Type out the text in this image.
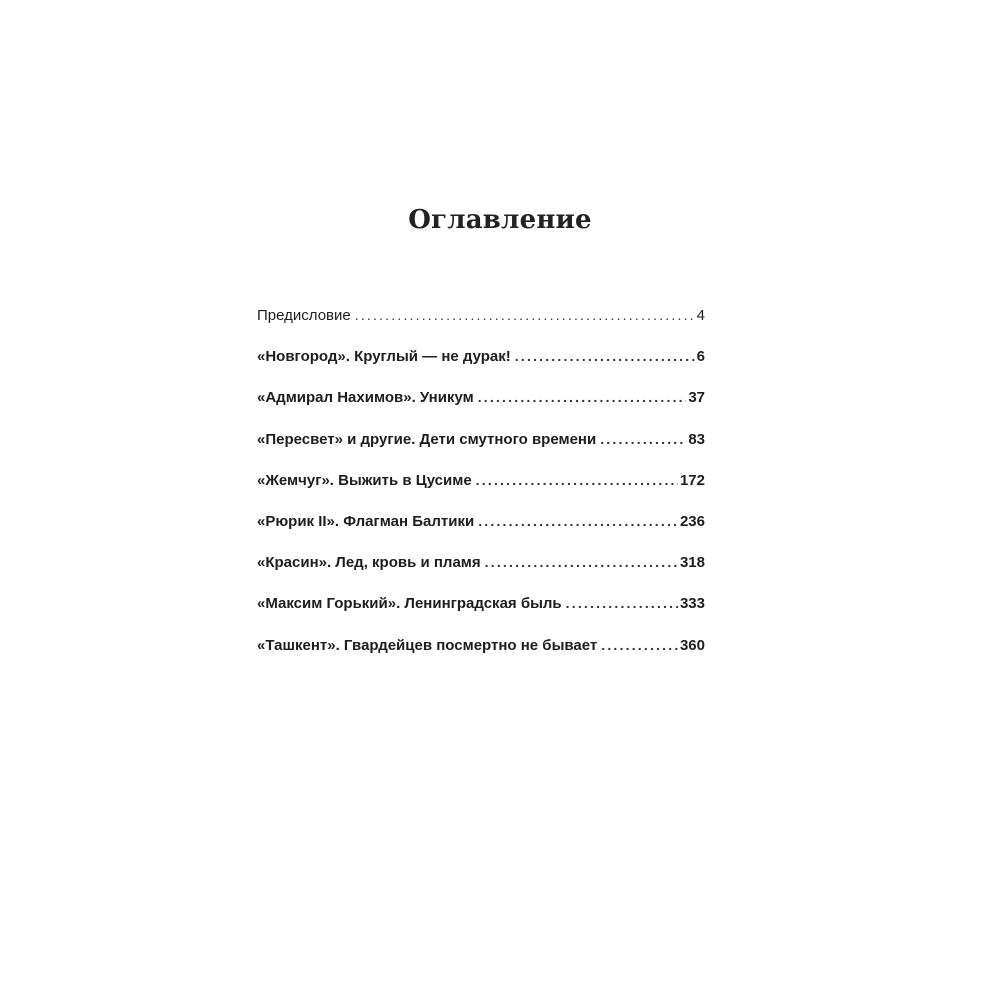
Оглавление
Предисловие .....	4
«Новгород». Круглый — не дурак! .....	6
«Адмирал Нахимов». Уникум .....	37
«Пересвет» и другие. Дети смутного времени .....	83
«Жемчуг». Выжить в Цусиме .....	172
«Рюрик II». Флагман Балтики .....	236
«Красин». Лед, кровь и пламя .....	318
«Максим Горький». Ленинградская быль .....	333
«Ташкент». Гвардейцев посмертно не бывает .....	360
